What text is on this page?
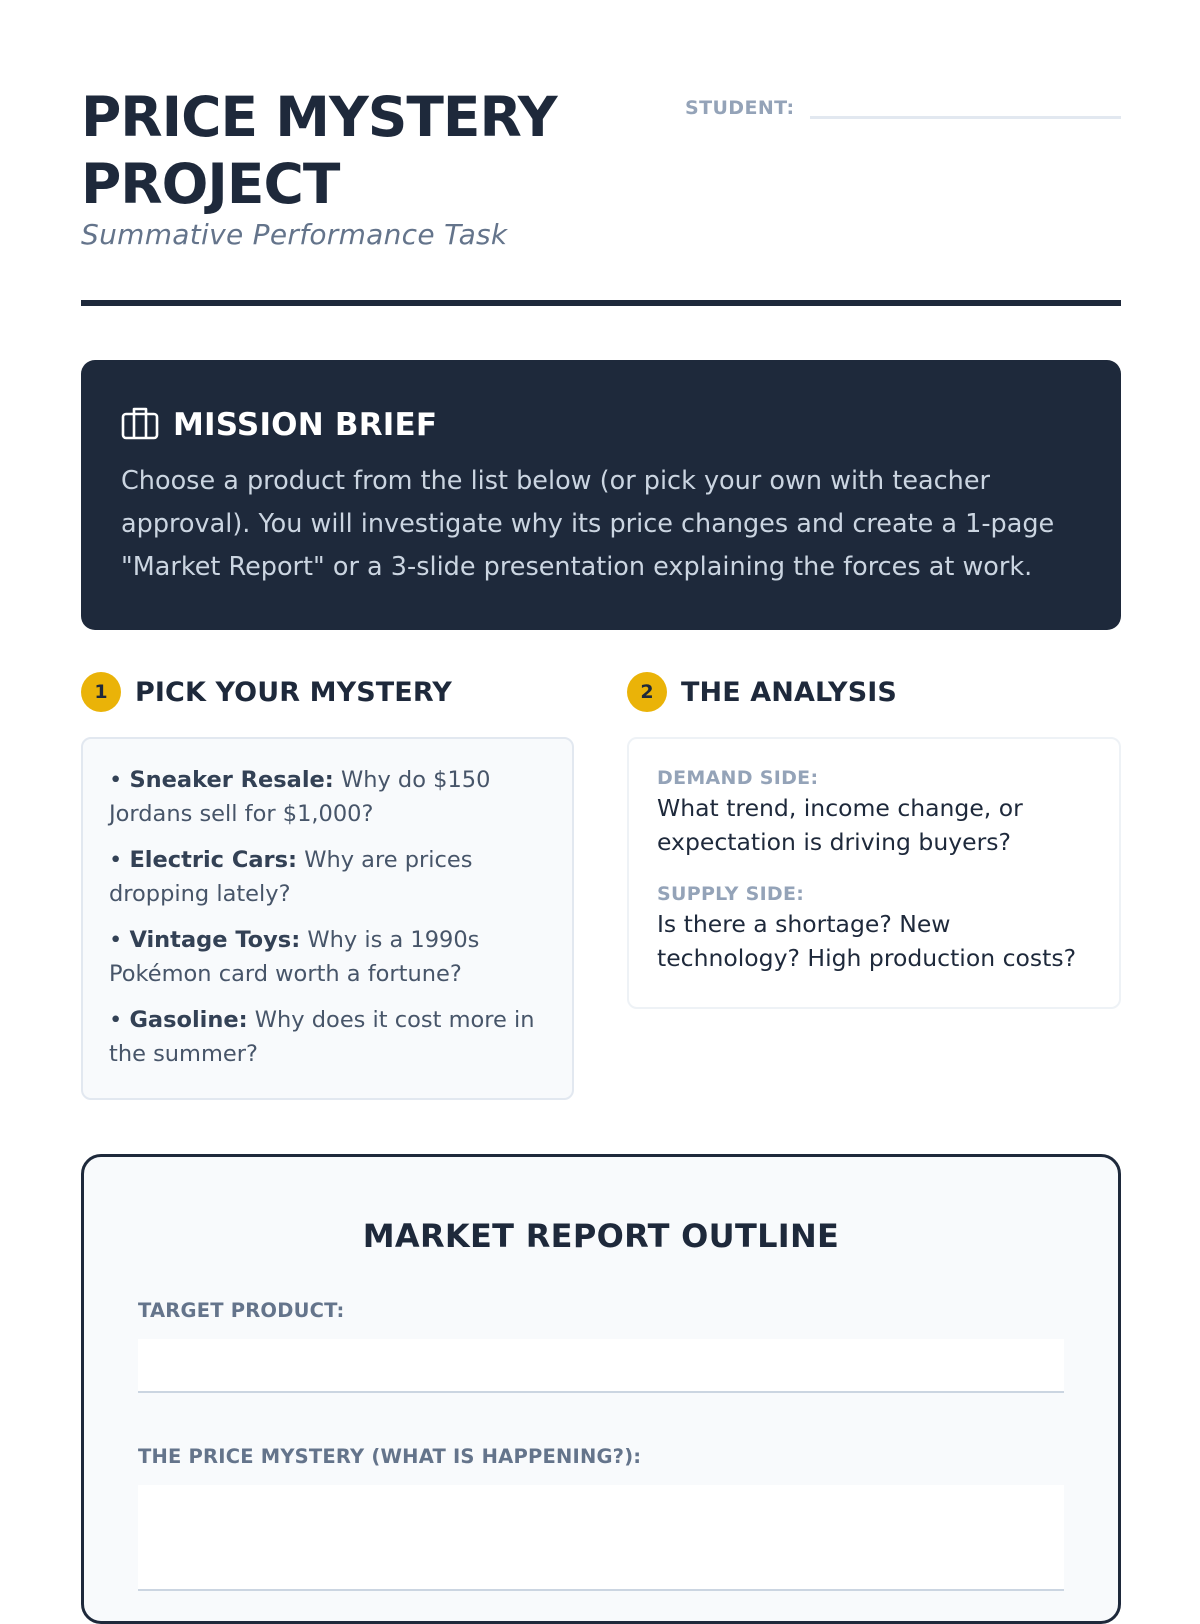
PRICE MYSTERY PROJECT
Summative Performance Task
STUDENT:
MISSION BRIEF
Choose a product from the list below (or pick your own with teacher approval). You will investigate why its price changes and create a 1-page "Market Report" or a 3-slide presentation explaining the forces at work.
1	PICK YOUR MYSTERY
• Sneaker Resale: Why do $150 Jordans sell for $1,000?
• Electric Cars: Why are prices dropping lately?
• Vintage Toys: Why is a 1990s Pokémon card worth a fortune?
• Gasoline: Why does it cost more in the summer?
2	THE ANALYSIS
DEMAND SIDE:
What trend, income change, or expectation is driving buyers?
SUPPLY SIDE:
Is there a shortage? New technology? High production costs?
MARKET REPORT OUTLINE
TARGET PRODUCT:
THE PRICE MYSTERY (WHAT IS HAPPENING?):
